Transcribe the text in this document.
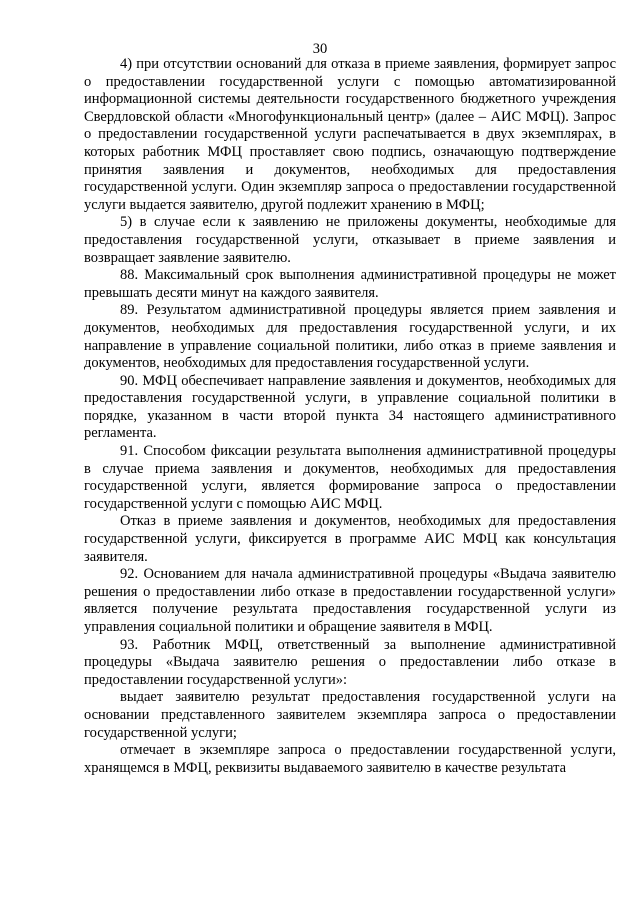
30

4) при отсутствии оснований для отказа в приеме заявления, формирует запрос о предоставлении государственной услуги с помощью автоматизированной информационной системы деятельности государственного бюджетного учреждения Свердловской области «Многофункциональный центр» (далее – АИС МФЦ). Запрос о предоставлении государственной услуги распечатывается в двух экземплярах, в которых работник МФЦ проставляет свою подпись, означающую подтверждение принятия заявления и документов, необходимых для предоставления государственной услуги. Один экземпляр запроса о предоставлении государственной услуги выдается заявителю, другой подлежит хранению в МФЦ;

5) в случае если к заявлению не приложены документы, необходимые для предоставления государственной услуги, отказывает в приеме заявления и возвращает заявление заявителю.

88. Максимальный срок выполнения административной процедуры не может превышать десяти минут на каждого заявителя.

89. Результатом административной процедуры является прием заявления и документов, необходимых для предоставления государственной услуги, и их направление в управление социальной политики, либо отказ в приеме заявления и документов, необходимых для предоставления государственной услуги.

90. МФЦ обеспечивает направление заявления и документов, необходимых для предоставления государственной услуги, в управление социальной политики в порядке, указанном в части второй пункта 34 настоящего административного регламента.

91. Способом фиксации результата выполнения административной процедуры в случае приема заявления и документов, необходимых для предоставления государственной услуги, является формирование запроса о предоставлении государственной услуги с помощью АИС МФЦ.

Отказ в приеме заявления и документов, необходимых для предоставления государственной услуги, фиксируется в программе АИС МФЦ как консультация заявителя.

92. Основанием для начала административной процедуры «Выдача заявителю решения о предоставлении либо отказе в предоставлении государственной услуги» является получение результата предоставления государственной услуги из управления социальной политики и обращение заявителя в МФЦ.

93. Работник МФЦ, ответственный за выполнение административной процедуры «Выдача заявителю решения о предоставлении либо отказе в предоставлении государственной услуги»:

выдает заявителю результат предоставления государственной услуги на основании представленного заявителем экземпляра запроса о предоставлении государственной услуги;

отмечает в экземпляре запроса о предоставлении государственной услуги, хранящемся в МФЦ, реквизиты выдаваемого заявителю в качестве результата
